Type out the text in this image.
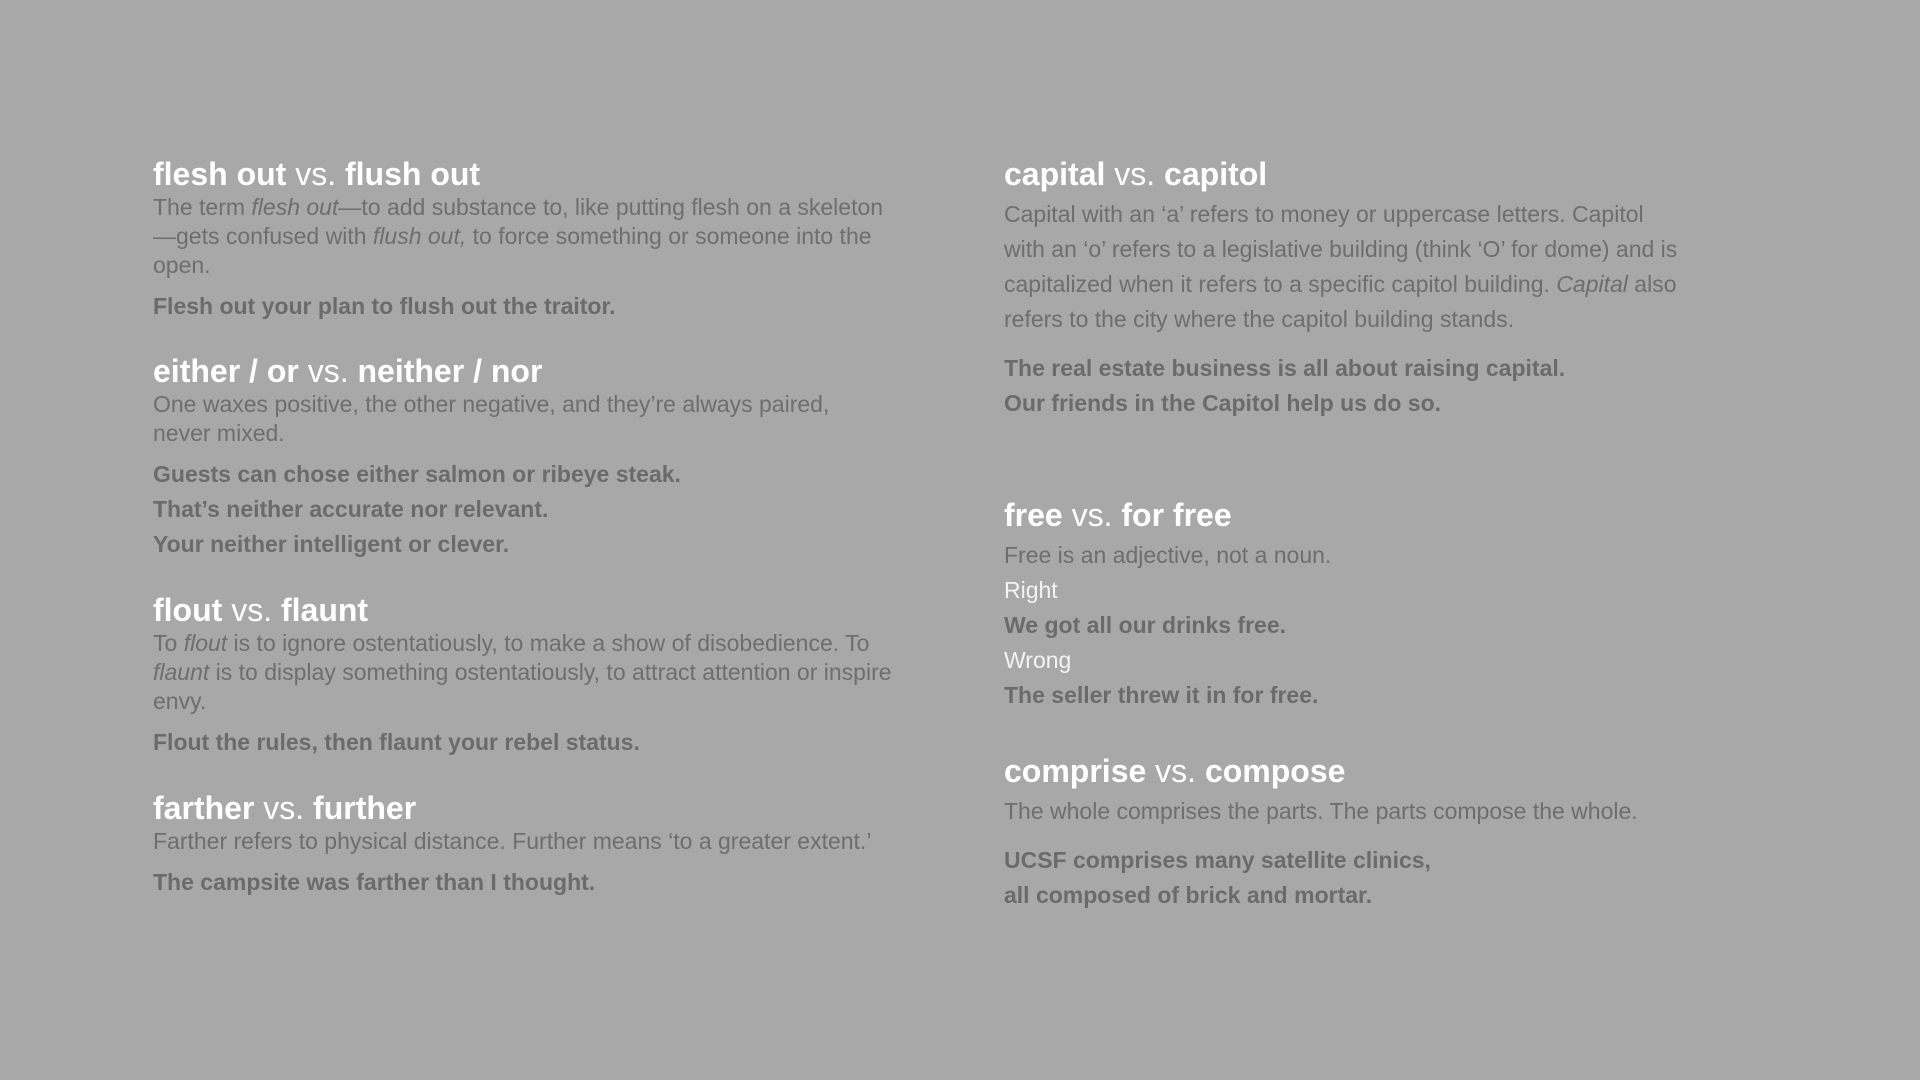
flesh out vs. flush out
The term flesh out—to add substance to, like putting flesh on a skeleton—gets confused with flush out, to force something or someone into the open.
Flesh out your plan to flush out the traitor.
either / or vs. neither / nor
One waxes positive, the other negative, and they’re always paired, never mixed.
Guests can chose either salmon or ribeye steak.
That’s neither accurate nor relevant.
Your neither intelligent or clever.
flout vs. flaunt
To flout is to ignore ostentatiously, to make a show of disobedience. To flaunt is to display something ostentatiously, to attract attention or inspire envy.
Flout the rules, then flaunt your rebel status.
farther vs. further
Farther refers to physical distance. Further means ‘to a greater extent.’
The campsite was farther than I thought.
capital vs. capitol
Capital with an ‘a’ refers to money or uppercase letters. Capitol with an ‘o’ refers to a legislative building (think ‘O’ for dome) and is capitalized when it refers to a specific capitol building. Capital also refers to the city where the capitol building stands.
The real estate business is all about raising capital.
Our friends in the Capitol help us do so.
free vs. for free
Free is an adjective, not a noun.
Right
We got all our drinks free.
Wrong
The seller threw it in for free.
comprise vs. compose
The whole comprises the parts. The parts compose the whole.
UCSF comprises many satellite clinics,
all composed of brick and mortar.
